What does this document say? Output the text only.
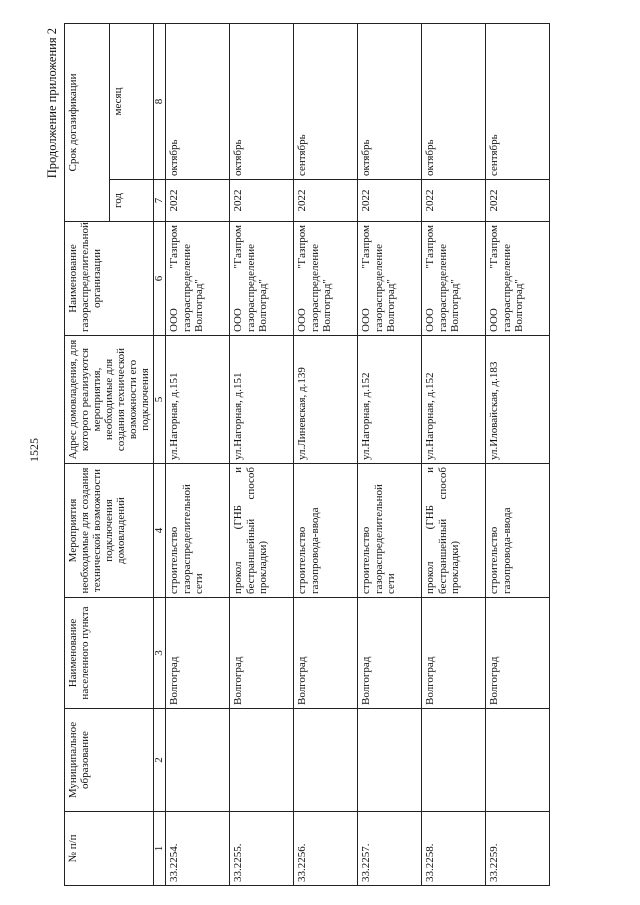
1525
Продолжение приложения 2
№ п/п	Муниципальное образование	Наименование населенного пункта	Мероприятия необходимые для создания технической возможности подключения домовладений	Адрес домовладения, для которого реализуются мероприятия, необходимые для создания технической возможности его подключения	Наименование газораспределительной организации	Срок догазификации	
						год	месяц
1	2	3	4	5	6	7	8
33.2254.		Волгоград	строительство газораспределительной сети	ул.Нагорная, д.151	ООО "Газпром газораспределение Волгоград"	2022	октябрь
33.2255.		Волгоград	прокол (ГНБ и бестраншейный способ прокладки)	ул.Нагорная, д.151	ООО "Газпром газораспределение Волгоград"	2022	октябрь
33.2256.		Волгоград	строительство газопровода-ввода	ул.Линевская, д.139	ООО "Газпром газораспределение Волгоград"	2022	сентябрь
33.2257.		Волгоград	строительство газораспределительной сети	ул.Нагорная, д.152	ООО "Газпром газораспределение Волгоград"	2022	октябрь
33.2258.		Волгоград	прокол (ГНБ и бестраншейный способ прокладки)	ул.Нагорная, д.152	ООО "Газпром газораспределение Волгоград"	2022	октябрь
33.2259.		Волгоград	строительство газопровода-ввода	ул.Иловайская, д.183	ООО "Газпром газораспределение Волгоград"	2022	сентябрь
